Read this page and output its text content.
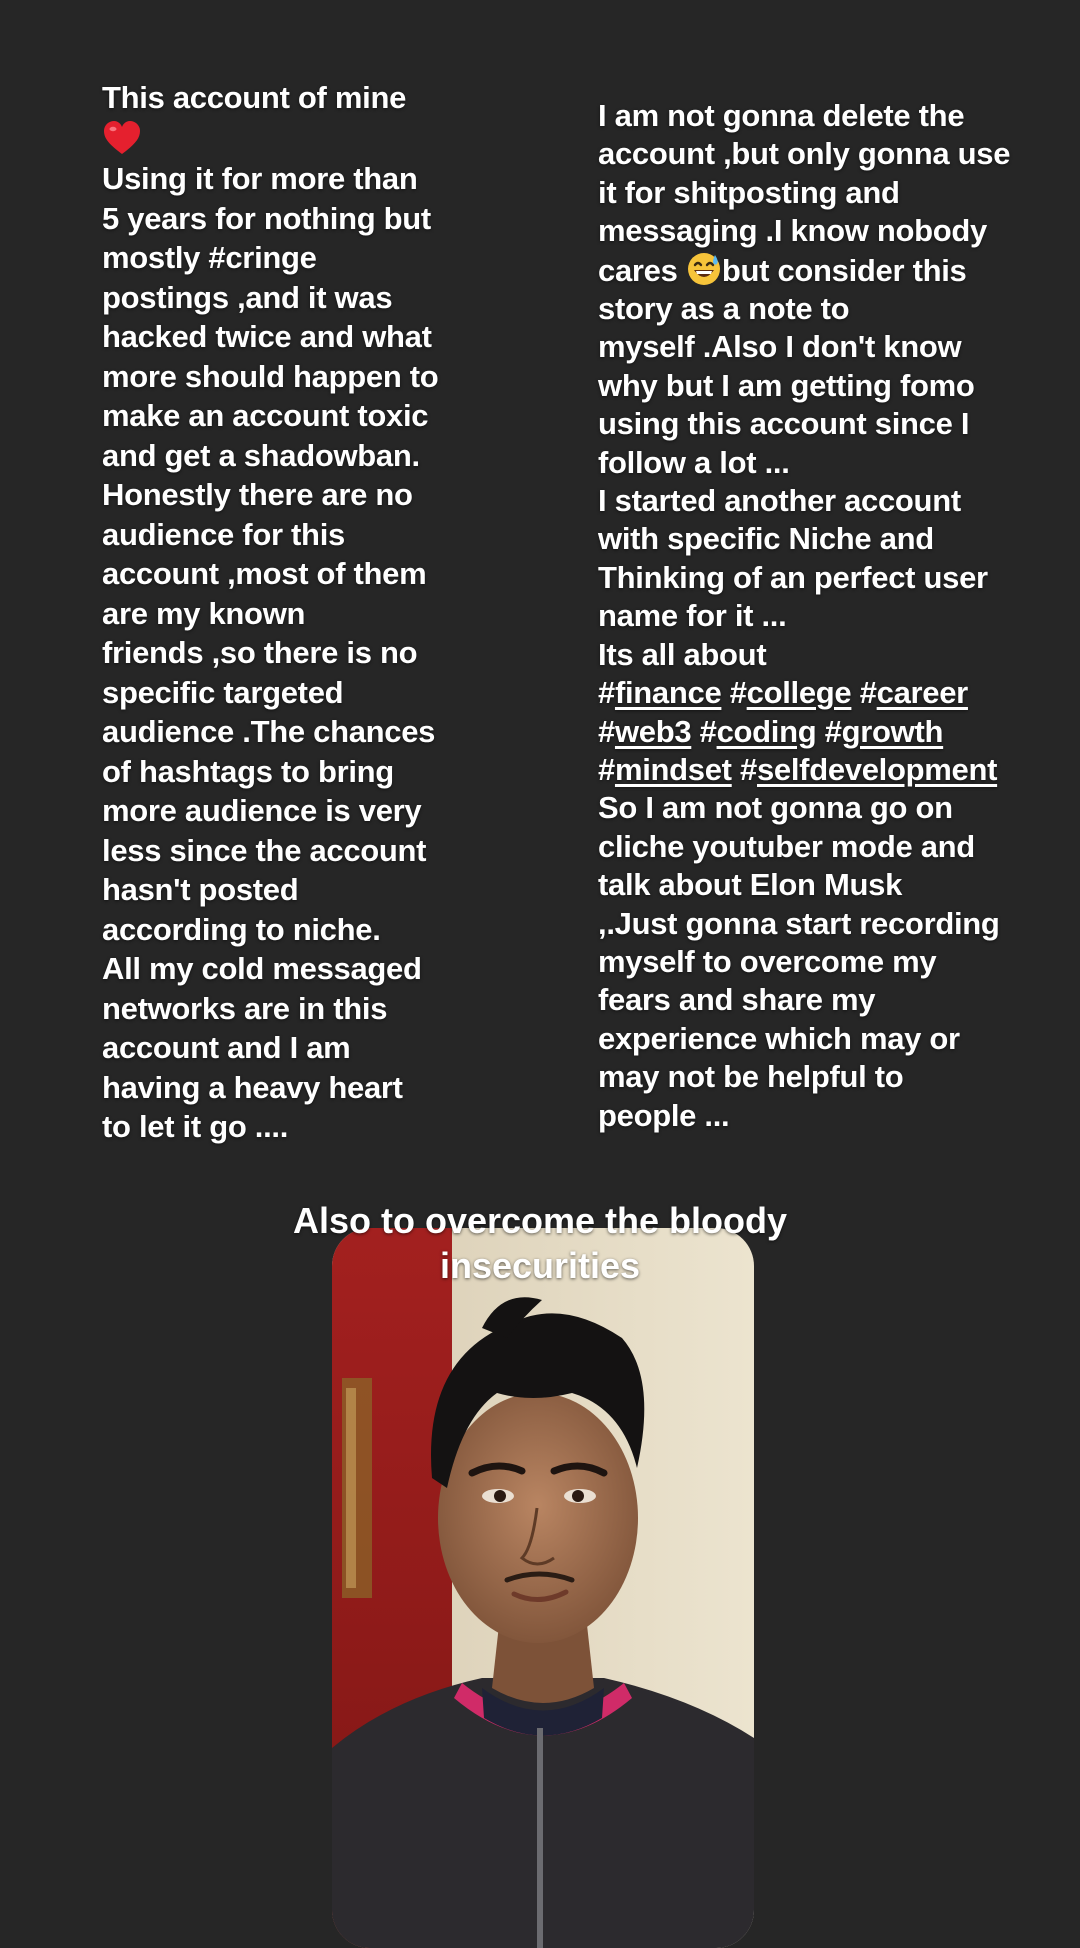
This account of mine
Using it for more than
5 years for nothing but
mostly #cringe
postings ,and it was
hacked twice and what
more should happen to
make an account toxic
and get a shadowban.
Honestly there are no
audience for this
account ,most of them
are my known
friends ,so there is no
specific targeted
audience .The chances
of hashtags to bring
more audience is very
less since the account
hasn't posted
according to niche.
All my cold messaged
networks are in this
account and I am
having a heavy heart
to let it go ....
I am not gonna delete the
account ,but only gonna use
it for shitposting and
messaging .I know nobody
cares but consider this
story as a note to
myself .Also I don't know
why but I am getting fomo
using this account since I
follow a lot ...
I started another account
with specific Niche and
Thinking of an perfect user
name for it ...
Its all about
#finance #college #career
#web3 #coding #growth
#mindset #selfdevelopment
So I am not gonna go on
cliche youtuber mode and
talk about Elon Musk
,.Just gonna start recording
myself to overcome my
fears and share my
experience which may or
may not be helpful to
people ...
Also to overcome the bloody
insecurities
